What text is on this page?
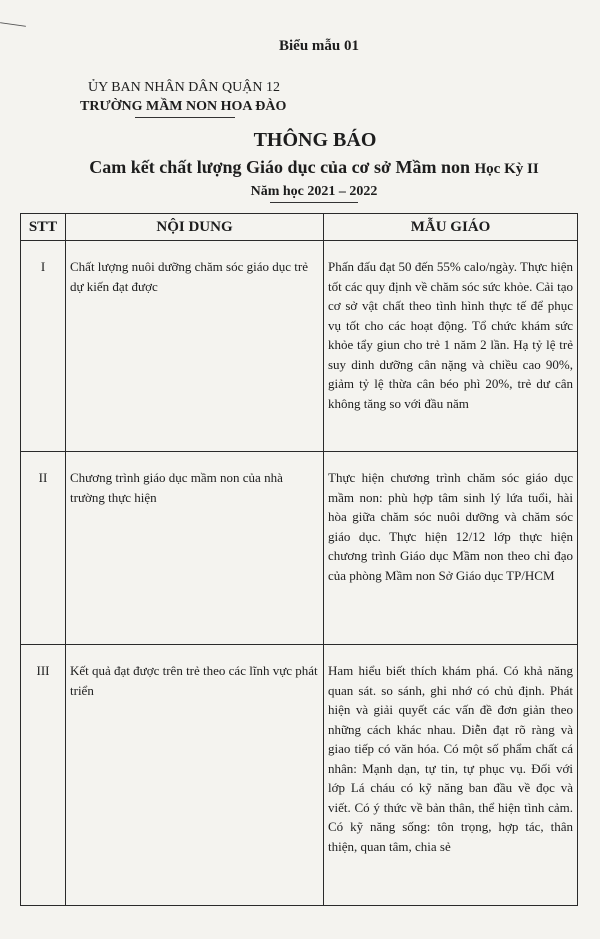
Biểu mẫu 01
ỦY BAN NHÂN DÂN QUẬN 12
TRƯỜNG MẦM NON HOA ĐÀO
THÔNG BÁO
Cam kết chất lượng Giáo dục của cơ sở Mầm non Học Kỳ II
Năm học 2021 – 2022
STT	NỘI DUNG	MẪU GIÁO
I	Chất lượng nuôi dưỡng chăm sóc giáo dục trẻ dự kiến đạt được	Phấn đấu đạt 50 đến 55% calo/ngày. Thực hiện tốt các quy định về chăm sóc sức khỏe. Cải tạo cơ sở vật chất theo tình hình thực tế để phục vụ tốt cho các hoạt động. Tổ chức khám sức khỏe tẩy giun cho trẻ 1 năm 2 lần. Hạ tỷ lệ trẻ suy dinh dưỡng cân nặng và chiều cao 90%, giảm tỷ lệ thừa cân béo phì 20%, trẻ dư cân không tăng so với đầu năm
II	Chương trình giáo dục mầm non của nhà trường thực hiện	Thực hiện chương trình chăm sóc giáo dục mầm non: phù hợp tâm sinh lý lứa tuổi, hài hòa giữa chăm sóc nuôi dưỡng và chăm sóc giáo dục. Thực hiện 12/12 lớp thực hiện chương trình Giáo dục Mầm non theo chỉ đạo của phòng Mầm non Sở Giáo dục TP/HCM
III	Kết quả đạt được trên trẻ theo các lĩnh vực phát triển	Ham hiểu biết thích khám phá. Có khả năng quan sát. so sánh, ghi nhớ có chủ định. Phát hiện và giải quyết các vấn đề đơn giản theo những cách khác nhau. Diễn đạt rõ ràng và giao tiếp có văn hóa. Có một số phẩm chất cá nhân: Mạnh dạn, tự tin, tự phục vụ. Đối với lớp Lá cháu có kỹ năng ban đầu về đọc và viết. Có ý thức về bản thân, thể hiện tình cảm. Có kỹ năng sống: tôn trọng, hợp tác, thân thiện, quan tâm, chia sẻ
